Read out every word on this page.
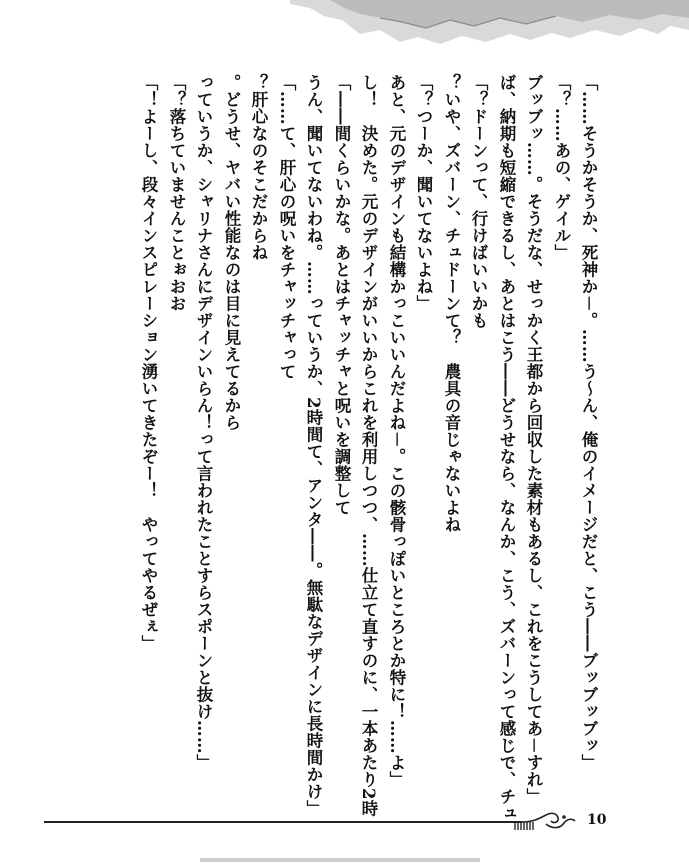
「そうかそうか、死神か－。……う～ん、俺のイメージだと、こう――ブッブッブッ……」
「あの、ゲイル……？」
「ブッブッ……。そうだな、せっかく王都から回収した素材もあるし、これをこうしてあ－すれ
ば、納期も短縮できるし、あとはこう――どうせなら、なんか、こう、ズバーンって感じで、チュ
ドーンって、行けばいいかも？」
　いや、ズバーン、チュドーンて？　農具の音じゃないよね？
「つーか、聞いてないよね？」
「あと、元のデザインも結構かっこいいんだよね－。この骸骨っぽいところとか特に！……よ
し！　決めた。元のデザインがいいからこれを利用しつつ、……仕立て直すのに、一本あたり2時
間くらいかな。あとはチャッチャと呪いを調整して――」
「うん、聞いてないわね。……っていうか、2時間て、アンタ――。無駄なデザインに長時間かけ
て、肝心の呪いをチャッチャって……」
　肝心なのそこだからね？
　どうせ、ヤバい性能なのは目に見えてるから。
「……っていうか、シャリナさんにデザインいらん！って言われたことすらスポーンと抜け
落ちていませんことぉおお？」
「よーし、段々インスピレーション湧いてきたぞー！　やってやるぜぇ！」
10
